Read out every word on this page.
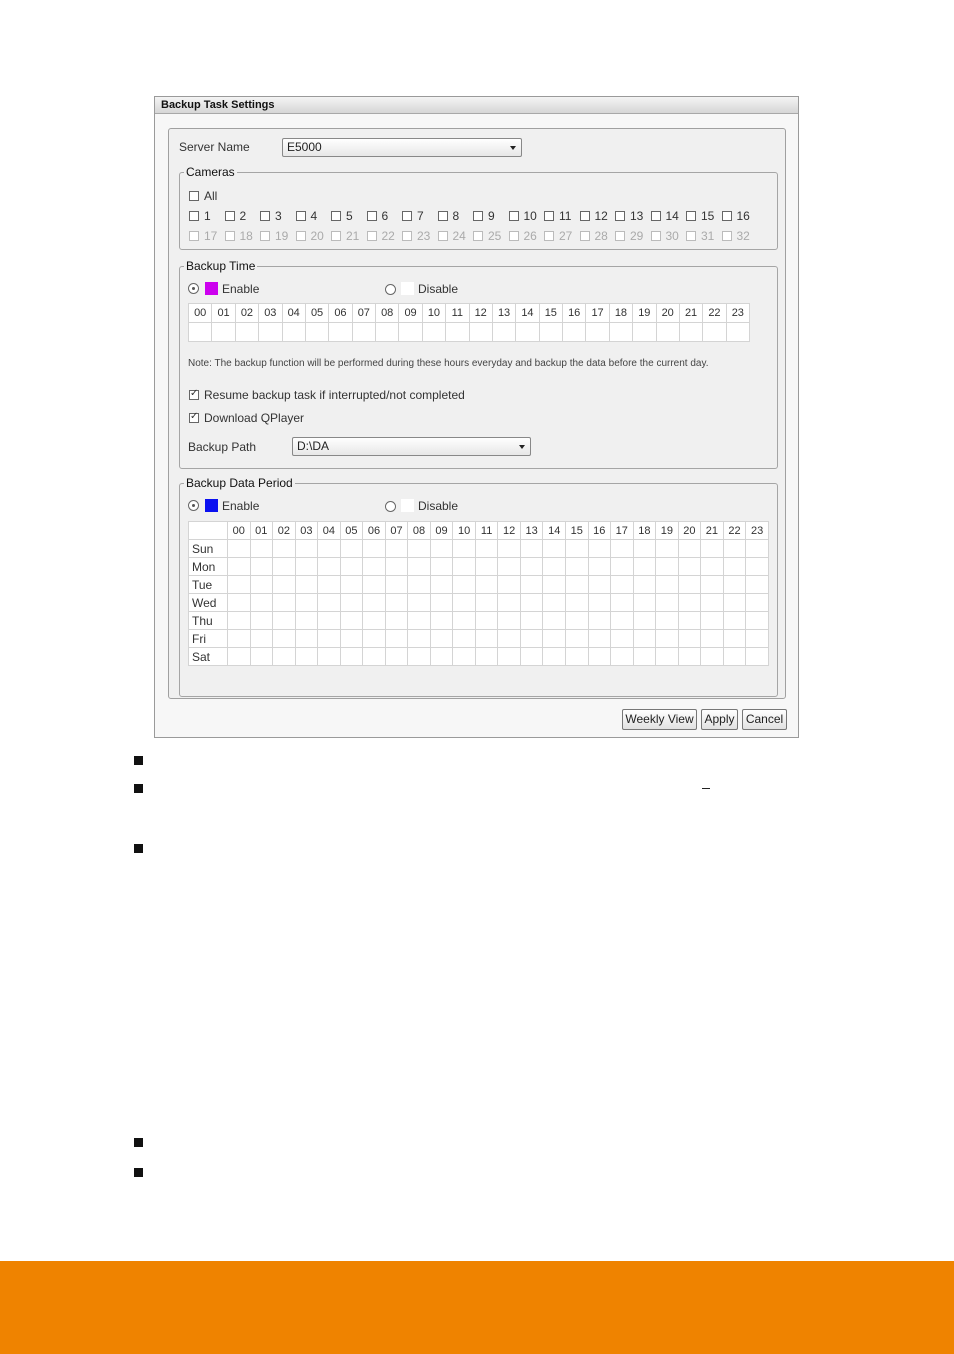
Backup Task Settings
Server Name	E5000
Cameras
All
1 2 3 4 5 6 7 8 9 10 11 12 13 14 15 16
17 18 19 20 21 22 23 24 25 26 27 28 29 30 31 32
Backup Time
Enable	Disable
00	01	02	03	04	05	06	07	08	09	10	11	12	13	14	15	16	17	18	19	20	21	22	23

Note: The backup function will be performed during these hours everyday and backup the data before the current day.
✓
Resume backup task if interrupted/not completed
✓
Download QPlayer
Backup Path	D:\DA
Backup Data Period
Enable	Disable
	00	01	02	03	04	05	06	07	08	09	10	11	12	13	14	15	16	17	18	19	20	21	22	23
Sun																								
Mon																								
Tue																								
Wed																								
Thu																								
Fri																								
Sat																								
Weekly View Apply Cancel
